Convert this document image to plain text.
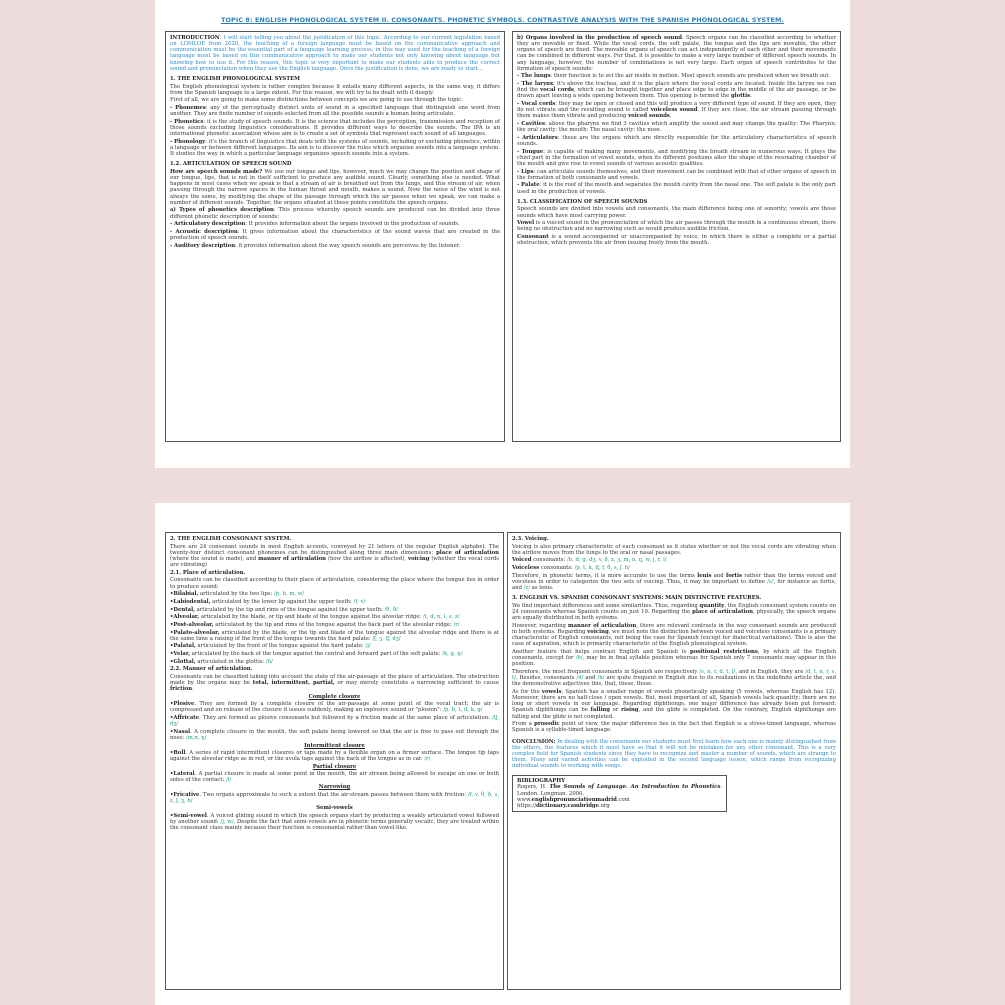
TOPIC 8: ENGLISH PHONOLOGICAL SYSTEM II. CONSONANTS. PHONETIC SYMBOLS. CONTRASTIVE ANALYSIS WITH THE SPANISH PHONOLOGICAL SYSTEM.

INTRODUCTION: I will start telling you about the justification of this topic. According to our current legislation based on LOMLOE from 2020, the teaching of a foreign language must be based on the communicative approach and communication must be the essential part of a language learning process, in this way used for the teaching of a foreign language must be based on this communicative approach to make our students not only knowing about language but knowing how to use it. For this reason, this topic is very important to make our students able to produce the correct sound and pronunciation when they use the English language. Once the justification is done, we are ready to start...

1. THE ENGLISH PHONOLOGICAL SYSTEM

The English phonological system is rather complex because it entails many different aspects, in the same way, it differs from the Spanish language to a large extent. For this reason, we will try to be dealt with it deeply.

First of all, we are going to make some distinctions between concepts we are going to use through the topic:

- Phonemes: any of the perceptually distinct units of sound in a specified language that distinguish one word from another. They are finite number of sounds selected from all the possible sounds a human being articulate.

- Phonetics: it is the study of speech sounds. It is the science that includes the perception, transmission and reception of those sounds excluding linguistics considerations. It provides different ways to describe the sounds. The IPA is an international phonetic association whose aim is to create a set of symbols that represent each sound of all languages.

- Phonology: it's the branch of linguistics that deals with the systems of sounds, including or excluding phonetics, within a language or between different languages. Its aim is to discover the rules which organise sounds into a language system. It studies the way in which a particular language organizes speech sounds into a system.

1.2. ARTICULATION OF SPEECH SOUND

How are speech sounds made? We use our tongue and lips, however, much we may change the position and shape of our tongue, lips, that is not in itself sufficient to produce any audible sound. Clearly, something else is needed. What happens in most cases when we speak is that a stream of air is breathed out from the lungs, and this stream of air, when passing through the narrow spaces in the human throat and mouth, makes a sound. Now the noise of the wind is not always the same, by modifying the shape of the passage through which the air passes when we speak, we can make a number of different sounds. Together, the organs situated at these points constitute the speech organs.

a) Types of phonetics description. This process whereby speech sounds are produced can be divided into three different phonetic description of sounds:

- Articulatory description: It provides information about the organs involved in the production of sounds.

- Acoustic description: It gives information about the characteristics of the sound waves that are created in the production of speech sounds.

- Auditory description: it provides information about the way speech sounds are perceives by the listener.

b) Organs involved in the production of speech sound. Speech organs can be classified according to whether they are movable or fixed. While the vocal cords, the soft palate, the tongue and the lips are movable, the other organs of speech are fixed. The movable organs of speech can act independently of each other and their movements can be combined in different ways. For that, it is possible to make a very large number of different speech sounds. In any language, however, the number of combinations is not very large. Each organ of speech contributes to the formation of speech sounds:

- The lungs: their function is to set the air inside in motion. Most speech sounds are produced when we breath out.

- The larynx: it's above the trachea, and it is the place where the vocal cords are located. Inside the larynx we can find the vocal cords, which can be brought together and place edge to edge in the middle of the air passage, or be drawn apart leaving a wide opening between them. This opening is termed the glottis.

- Vocal cords: they may be open or closed and this will produce a very different type of sound. If they are open, they do not vibrate and the resulting sound is called voiceless sound. If they are close, the air stream passing through them makes them vibrate and producing voiced sounds.

- Cavities: above the pharynx we find 3 cavities which amplify the sound and may change the quality: The Pharynx; the oral cavity: the mouth; The nasal cavity: the nose.

- Articulators: these are the organs which are directly responsible for the articulatory characteristics of speech sounds.

- Tongue: is capable of making many movements, and modifying the breath stream in numerous ways. It plays the chief part in the formation of vowel sounds, when its different positions alter the shape of the resonating chamber of the mouth and give rise to vowel sounds of various acoustic qualities.

- Lips: can articulate sounds themselves, and their movement can be combined with that of other organs of speech in the formation of both consonants and vowels.

- Palate: it is the roof of the mouth and separates the mouth cavity from the nasal one. The soft palate is the only part used in the production of vowels.

1.3. CLASSIFICATION OF SPEECH SOUNDS

Speech sounds are divided into vowels and consonants, the main difference being one of sonority; vowels are those sounds which have most carrying power.

Vowel is a voiced sound in the pronunciation of which the air passes through the mouth in a continuous stream, there being no obstruction and no narrowing such as would produce audible friction.

Consonant is a sound accompanied or unaccompanied by voice, in which there is either a complete or a partial obstruction, which prevents the air from issuing freely from the mouth.

2. THE ENGLISH CONSONANT SYSTEM.

There are 24 consonant sounds in most English accents, conveyed by 21 letters of the regular English alphabet. The twenty-four distinct consonant phonemes can be distinguished along three main dimensions: place of articulation (where the sound is made), and manner of articulation (how the airflow is affected), voicing (whether the vocal cords are vibrating)

2.1. Place of articulation.

Consonants can be classified according to their place of articulation, considering the place where the tongue lies in order to produce sound:

•Bilabial, articulated by the two lips: /p, b, m, w/

•Labiodental, articulated by the lower lip against the upper teeth: /f, v/

•Dental, articulated by the tip and rims of the tongue against the upper teeth: /θ, ð/

•Alveolar, articulated by the blade, or tip and blade of the tongue against the alveolar ridge: /t, d, n, l, s, z/

•Post-alveolar, articulated by the tip and rims of the tongue against the back part of the alveolar ridge: /r/

•Palato-alveolar, articulated by the blade, or the tip and blade of the tongue against the alveolar ridge and there is at the same time a raising of the front of the tongue towards the hard palate: /ʃ, ʒ, tʃ, dʒ/

•Palatal, articulated by the front of the tongue against the hard palate: /j/

•Velar, articulated by the back of the tongue against the central and forward part of the soft palate: /k, g, ŋ/

•Glottal, articulated in the glottis: /h/

2.2. Manner of articulation.

Consonants can be classified taking into account the state of the air-passage at the place of articulation. The obstruction made by the organs may be total, intermittent, partial, or may merely constitute a narrowing sufficient to cause friction.

Complete closure

•Plosive. They are formed by a complete closure of the air-passage at some point of the vocal tract; the air is compressed and on release of the closure it issues suddenly, making an explosive sound or "plosion": /p, b, t, d, k, g/

•Affricate. They are formed as plosive consonants but followed by a friction made at the same place of articulation: /tʃ, dʒ/

•Nasal. A complete closure in the mouth, the soft palate being lowered so that the air is free to pass out through the nose: /m,n, ŋ/

Intermittent closure

•Roll. A series of rapid intermittent closures or taps made by a flexible organ on a firmer surface. The tongue tip taps against the alveolar ridge as in red, or the uvula taps against the back of the tongue as in car. /r/

Partial closure

•Lateral. A partial closure is made at some point in the mouth, the air stream being allowed to escape on one or both sides of the contact: /l/

Narrowing

•Fricative. Two organs approximate to such a extent that the air-stream passes between them with friction: /f, v, θ, ð, s, z, ʃ, ʒ, h/

Semi-vowels

•Semi-vowel. A voiced gliding sound in which the speech organs start by producing a weakly articulated vowel followed by another sound: /j, w/. Despite the fact that semi-vowels are in phonetic terms generally vocalic, they are treated within the consonant class mainly because their function is consonantal rather than vowel-like.

2.3. Voicing.

Voicing is also primary characteristic of each consonant as it states whether or not the vocal cords are vibrating when the airflow moves from the lungs to the oral or nasal passages.

Voiced consonants: /b, d, g, dʒ, v, ð, z, ʒ, m, n, ŋ, w, j, r, l/

Voiceless consonants: /p, t, k, tʃ, f, θ, s, ʃ, h/

Therefore, in phonetic terms, it is more accurate to use the terms lenis and fortis rather than the terms voiced and voiceless in order to categorize the two sets of voicing. Thus, it may be important to define /s/, for instance as fortis, and /z/ as lenis.

3. ENGLISH VS. SPANISH CONSONANT SYSTEMS: MAIN DISTINCTIVE FEATURES.

We find important differences and some similarities. Thus, regarding quantity, the English consonant system counts on 24 consonants whereas Spanish counts on just 19. Regarding the place of articulation, physically, the speech organs are equally distributed in both systems.

However, regarding manner of articulation, there are relevant contrasts in the way consonant sounds are produced in both systems. Regarding voicing, we must note the distinction between voiced and voiceless consonants is a primary characteristic of English consonants, not being the case for Spanish (except for dialectical variations). This is also the case of aspiration, which is primarily characteristic of the English phonological system.

Another feature that helps contrast English and Spanish is positional restrictions, by which all the English consonants, except for /h/, may be in final syllable position whereas for Spanish only 7 consonants may appear in this position.

Therefore, the most frequent consonants in Spanish are respectively /s, n, r, d, t, l/, and in English, they are /d, t, n, r, s, t/. Besides, consonants /d/ and /h/ are quite frequent in English due to its realizations in the indefinite article the, and the demonstrative adjectives this, that, these, those.

As for the vowels, Spanish has a smaller range of vowels phonetically speaking (5 vowels, whereas English has 12). Moreover, there are no half-close / open vowels. But, most important of all, Spanish vowels lack quantity; there are no long or short vowels in our language. Regarding diphthongs, one major difference has already been put forward: Spanish diphthongs can be falling or rising, and the glide is completed. On the contrary, English diphthongs are falling and the glide is not completed.

From a prosodic point of view, the major difference lies in the fact that English is a stress-timed language, whereas Spanish is a syllable-timed language.

CONCLUSION: In dealing with the consonants our students must first learn how each one is mainly distinguished from the others, the features which it must have so that it will not be mistaken for any other consonant. This is a very complex field for Spanish students since they have to recognize and master a number of sounds, which are strange to them. Many and varied activities can be exploited in the second language lesson, which range from recognizing individual sounds to working with songs.

BIBLIOGRAPHY

Rogers, H. The Sounds of Language. An Introduction to Phonetics. London. Longman. 2000.

www.englishpronunciationmadrid.com

https://dictionary.cambridge.org
